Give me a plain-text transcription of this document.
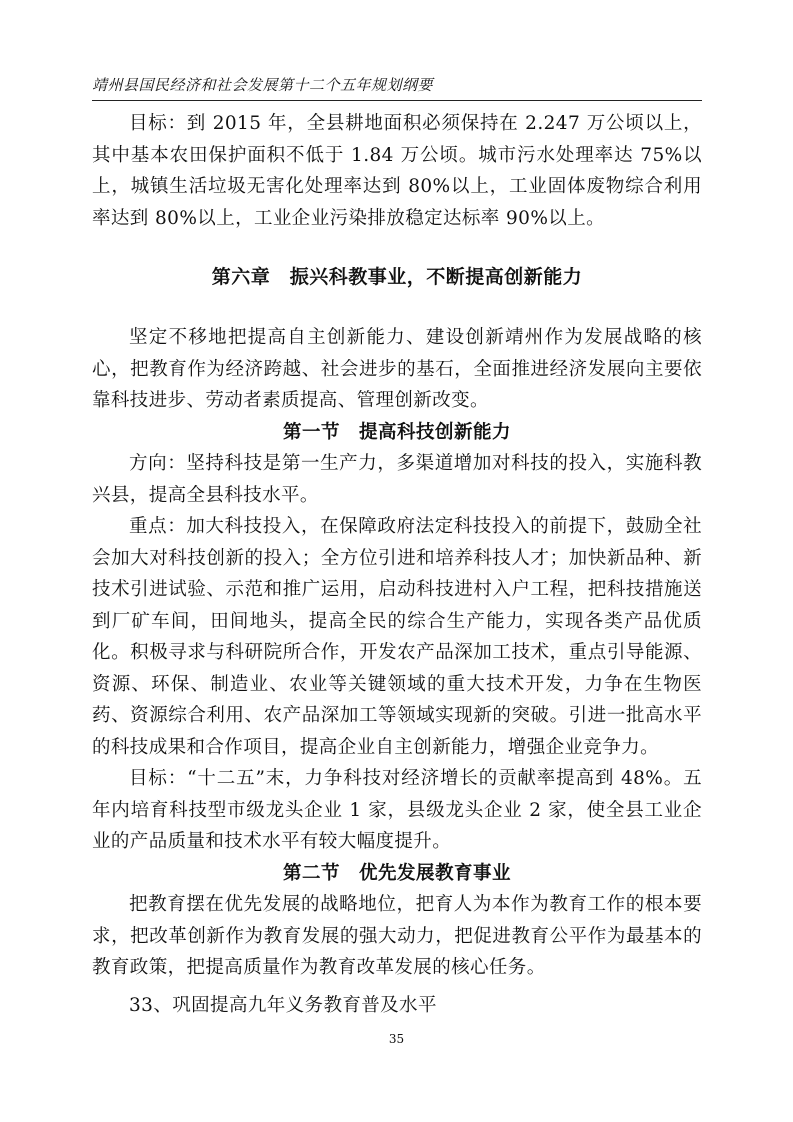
靖州县国民经济和社会发展第十二个五年规划纲要

目标：到 2015 年，全县耕地面积必须保持在 2.247 万公顷以上，其中基本农田保护面积不低于 1.84 万公顷。城市污水处理率达 75%以上，城镇生活垃圾无害化处理率达到 80%以上，工业固体废物综合利用率达到 80%以上，工业企业污染排放稳定达标率 90%以上。

第六章　振兴科教事业，不断提高创新能力

坚定不移地把提高自主创新能力、建设创新靖州作为发展战略的核心，把教育作为经济跨越、社会进步的基石，全面推进经济发展向主要依靠科技进步、劳动者素质提高、管理创新改变。

第一节　提高科技创新能力

方向：坚持科技是第一生产力，多渠道增加对科技的投入，实施科教兴县，提高全县科技水平。

重点：加大科技投入，在保障政府法定科技投入的前提下，鼓励全社会加大对科技创新的投入；全方位引进和培养科技人才；加快新品种、新技术引进试验、示范和推广运用，启动科技进村入户工程，把科技措施送到厂矿车间，田间地头，提高全民的综合生产能力，实现各类产品优质化。积极寻求与科研院所合作，开发农产品深加工技术，重点引导能源、资源、环保、制造业、农业等关键领域的重大技术开发，力争在生物医药、资源综合利用、农产品深加工等领域实现新的突破。引进一批高水平的科技成果和合作项目，提高企业自主创新能力，增强企业竞争力。

目标：“十二五”末，力争科技对经济增长的贡献率提高到 48%。五年内培育科技型市级龙头企业 1 家，县级龙头企业 2 家，使全县工业企业的产品质量和技术水平有较大幅度提升。

第二节　优先发展教育事业

把教育摆在优先发展的战略地位，把育人为本作为教育工作的根本要求，把改革创新作为教育发展的强大动力，把促进教育公平作为最基本的教育政策，把提高质量作为教育改革发展的核心任务。

33、巩固提高九年义务教育普及水平

35
